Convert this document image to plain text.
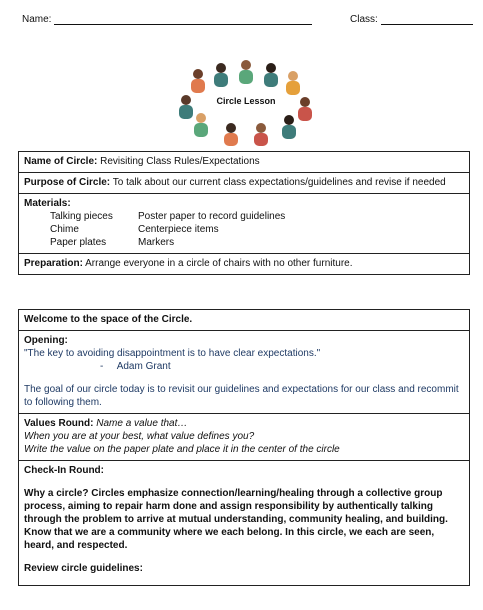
Name:	Class:
Circle Lesson
Name of Circle: Revisiting Class Rules/Expectations
Purpose of Circle: To talk about our current class expectations/guidelines and revise if needed
Materials:
Talking pieces	Poster paper to record guidelines
Chime	Centerpiece items
Paper plates	Markers
Preparation: Arrange everyone in a circle of chairs with no other furniture.
Welcome to the space of the Circle.
Opening:
"The key to avoiding disappointment is to have clear expectations."
- Adam Grant
The goal of our circle today is to revisit our guidelines and expectations for our class and recommit to following them.
Values Round: Name a value that…
When you are at your best, what value defines you?
Write the value on the paper plate and place it in the center of the circle
Check-In Round:
Why a circle? Circles emphasize connection/learning/healing through a collective group process, aiming to repair harm done and assign responsibility by authentically talking through the problem to arrive at mutual understanding, community healing, and building. Know that we are a community where we each belong. In this circle, we each are seen, heard, and respected.
Review circle guidelines:
